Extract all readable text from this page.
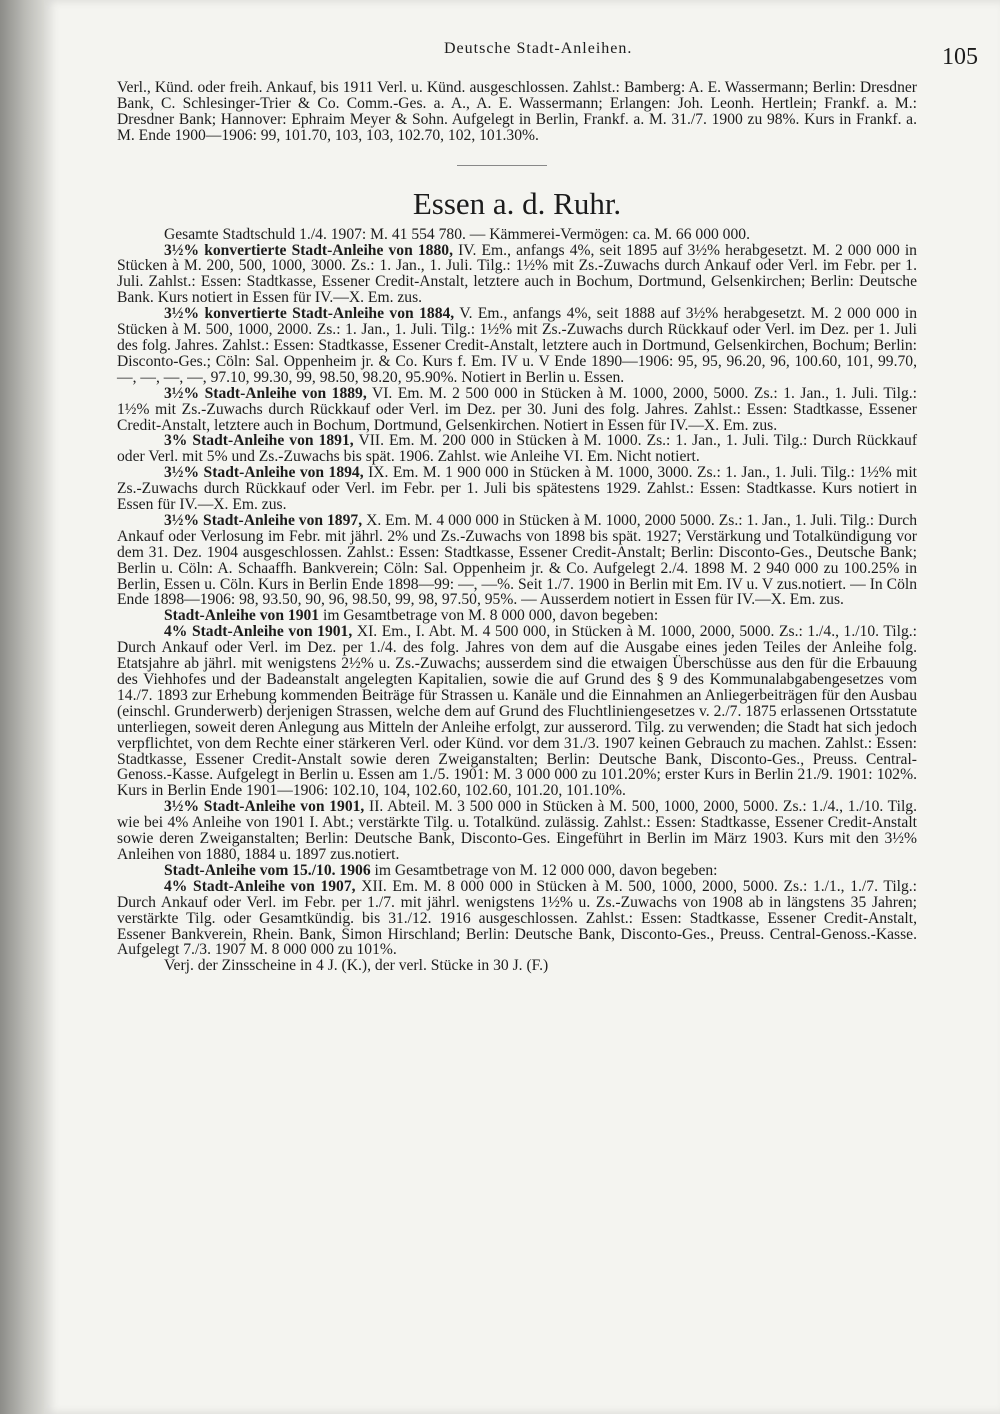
Deutsche Stadt-Anleihen.	105

Verl., Künd. oder freih. Ankauf, bis 1911 Verl. u. Künd. ausgeschlossen. Zahlst.: Bamberg: A. E. Wassermann; Berlin: Dresdner Bank, C. Schlesinger-Trier & Co. Comm.-Ges. a. A., A. E. Wassermann; Erlangen: Joh. Leonh. Hertlein; Frankf. a. M.: Dresdner Bank; Hannover: Ephraim Meyer & Sohn. Aufgelegt in Berlin, Frankf. a. M. 31./7. 1900 zu 98%. Kurs in Frankf. a. M. Ende 1900—1906: 99, 101.70, 103, 103, 102.70, 102, 101.30%.

Essen a. d. Ruhr.

Gesamte Stadtschuld 1./4. 1907: M. 41 554 780. — Kämmerei-Vermögen: ca. M. 66 000 000.

3½% konvertierte Stadt-Anleihe von 1880, IV. Em., anfangs 4%, seit 1895 auf 3½% herabgesetzt. M. 2 000 000 in Stücken à M. 200, 500, 1000, 3000. Zs.: 1. Jan., 1. Juli. Tilg.: 1½% mit Zs.-Zuwachs durch Ankauf oder Verl. im Febr. per 1. Juli. Zahlst.: Essen: Stadtkasse, Essener Credit-Anstalt, letztere auch in Bochum, Dortmund, Gelsenkirchen; Berlin: Deutsche Bank. Kurs notiert in Essen für IV.—X. Em. zus.

3½% konvertierte Stadt-Anleihe von 1884, V. Em., anfangs 4%, seit 1888 auf 3½% herabgesetzt. M. 2 000 000 in Stücken à M. 500, 1000, 2000. Zs.: 1. Jan., 1. Juli. Tilg.: 1½% mit Zs.-Zuwachs durch Rückkauf oder Verl. im Dez. per 1. Juli des folg. Jahres. Zahlst.: Essen: Stadtkasse, Essener Credit-Anstalt, letztere auch in Dortmund, Gelsenkirchen, Bochum; Berlin: Disconto-Ges.; Cöln: Sal. Oppenheim jr. & Co. Kurs f. Em. IV u. V Ende 1890—1906: 95, 95, 96.20, 96, 100.60, 101, 99.70, —, —, —, —, 97.10, 99.30, 99, 98.50, 98.20, 95.90%. Notiert in Berlin u. Essen.

3½% Stadt-Anleihe von 1889, VI. Em. M. 2 500 000 in Stücken à M. 1000, 2000, 5000. Zs.: 1. Jan., 1. Juli. Tilg.: 1½% mit Zs.-Zuwachs durch Rückkauf oder Verl. im Dez. per 30. Juni des folg. Jahres. Zahlst.: Essen: Stadtkasse, Essener Credit-Anstalt, letztere auch in Bochum, Dortmund, Gelsenkirchen. Notiert in Essen für IV.—X. Em. zus.

3% Stadt-Anleihe von 1891, VII. Em. M. 200 000 in Stücken à M. 1000. Zs.: 1. Jan., 1. Juli. Tilg.: Durch Rückkauf oder Verl. mit 5% und Zs.-Zuwachs bis spät. 1906. Zahlst. wie Anleihe VI. Em. Nicht notiert.

3½% Stadt-Anleihe von 1894, IX. Em. M. 1 900 000 in Stücken à M. 1000, 3000. Zs.: 1. Jan., 1. Juli. Tilg.: 1½% mit Zs.-Zuwachs durch Rückkauf oder Verl. im Febr. per 1. Juli bis spätestens 1929. Zahlst.: Essen: Stadtkasse. Kurs notiert in Essen für IV.—X. Em. zus.

3½% Stadt-Anleihe von 1897, X. Em. M. 4 000 000 in Stücken à M. 1000, 2000 5000. Zs.: 1. Jan., 1. Juli. Tilg.: Durch Ankauf oder Verlosung im Febr. mit jährl. 2% und Zs.-Zuwachs von 1898 bis spät. 1927; Verstärkung und Totalkündigung vor dem 31. Dez. 1904 ausgeschlossen. Zahlst.: Essen: Stadtkasse, Essener Credit-Anstalt; Berlin: Disconto-Ges., Deutsche Bank; Berlin u. Cöln: A. Schaaffh. Bankverein; Cöln: Sal. Oppenheim jr. & Co. Aufgelegt 2./4. 1898 M. 2 940 000 zu 100.25% in Berlin, Essen u. Cöln. Kurs in Berlin Ende 1898—99: —, —%. Seit 1./7. 1900 in Berlin mit Em. IV u. V zus.notiert. — In Cöln Ende 1898—1906: 98, 93.50, 90, 96, 98.50, 99, 98, 97.50, 95%. — Ausserdem notiert in Essen für IV.—X. Em. zus.

Stadt-Anleihe von 1901 im Gesamtbetrage von M. 8 000 000, davon begeben:

4% Stadt-Anleihe von 1901, XI. Em., I. Abt. M. 4 500 000, in Stücken à M. 1000, 2000, 5000. Zs.: 1./4., 1./10. Tilg.: Durch Ankauf oder Verl. im Dez. per 1./4. des folg. Jahres von dem auf die Ausgabe eines jeden Teiles der Anleihe folg. Etatsjahre ab jährl. mit wenigstens 2½% u. Zs.-Zuwachs; ausserdem sind die etwaigen Überschüsse aus den für die Erbauung des Viehhofes und der Badeanstalt angelegten Kapitalien, sowie die auf Grund des § 9 des Kommunalabgabengesetzes vom 14./7. 1893 zur Erhebung kommenden Beiträge für Strassen u. Kanäle und die Einnahmen an Anliegerbeiträgen für den Ausbau (einschl. Grunderwerb) derjenigen Strassen, welche dem auf Grund des Fluchtliniengesetzes v. 2./7. 1875 erlassenen Ortsstatute unterliegen, soweit deren Anlegung aus Mitteln der Anleihe erfolgt, zur ausserord. Tilg. zu verwenden; die Stadt hat sich jedoch verpflichtet, von dem Rechte einer stärkeren Verl. oder Künd. vor dem 31./3. 1907 keinen Gebrauch zu machen. Zahlst.: Essen: Stadtkasse, Essener Credit-Anstalt sowie deren Zweiganstalten; Berlin: Deutsche Bank, Disconto-Ges., Preuss. Central-Genoss.-Kasse. Aufgelegt in Berlin u. Essen am 1./5. 1901: M. 3 000 000 zu 101.20%; erster Kurs in Berlin 21./9. 1901: 102%. Kurs in Berlin Ende 1901—1906: 102.10, 104, 102.60, 102.60, 101.20, 101.10%.

3½% Stadt-Anleihe von 1901, II. Abteil. M. 3 500 000 in Stücken à M. 500, 1000, 2000, 5000. Zs.: 1./4., 1./10. Tilg. wie bei 4% Anleihe von 1901 I. Abt.; verstärkte Tilg. u. Totalkünd. zulässig. Zahlst.: Essen: Stadtkasse, Essener Credit-Anstalt sowie deren Zweiganstalten; Berlin: Deutsche Bank, Disconto-Ges. Eingeführt in Berlin im März 1903. Kurs mit den 3½% Anleihen von 1880, 1884 u. 1897 zus.notiert.

Stadt-Anleihe vom 15./10. 1906 im Gesamtbetrage von M. 12 000 000, davon begeben:

4% Stadt-Anleihe von 1907, XII. Em. M. 8 000 000 in Stücken à M. 500, 1000, 2000, 5000. Zs.: 1./1., 1./7. Tilg.: Durch Ankauf oder Verl. im Febr. per 1./7. mit jährl. wenigstens 1½% u. Zs.-Zuwachs von 1908 ab in längstens 35 Jahren; verstärkte Tilg. oder Gesamtkündig. bis 31./12. 1916 ausgeschlossen. Zahlst.: Essen: Stadtkasse, Essener Credit-Anstalt, Essener Bankverein, Rhein. Bank, Simon Hirschland; Berlin: Deutsche Bank, Disconto-Ges., Preuss. Central-Genoss.-Kasse. Aufgelegt 7./3. 1907 M. 8 000 000 zu 101%.

Verj. der Zinsscheine in 4 J. (K.), der verl. Stücke in 30 J. (F.)
